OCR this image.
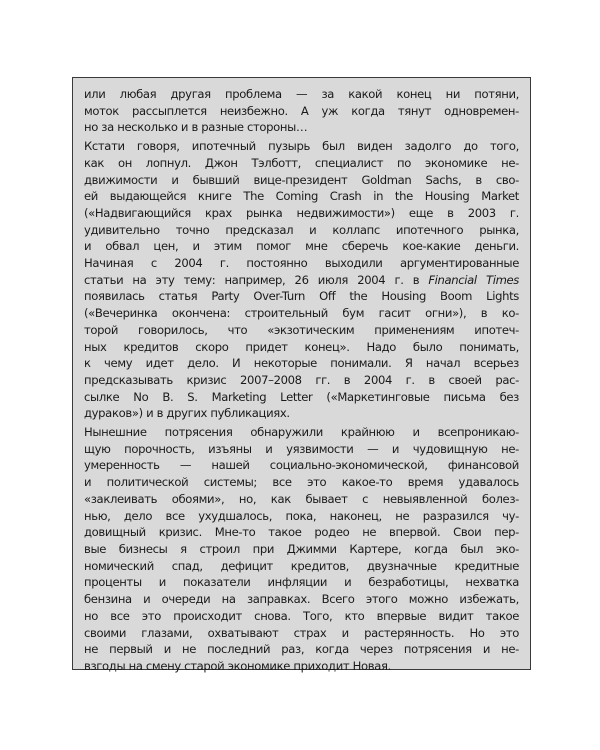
или любая другая проблема — за какой конец ни потяни,
моток рассыплется неизбежно. А уж когда тянут одновремен-
но за несколько и в разные стороны…
Кстати говоря, ипотечный пузырь был виден задолго до того,
как он лопнул. Джон Тэлботт, специалист по экономике не-
движимости и бывший вице-президент Goldman Sachs, в сво-
ей выдающейся книге The Coming Crash in the Housing Market
(«Надвигающийся крах рынка недвижимости») еще в 2003 г.
удивительно точно предсказал и коллапс ипотечного рынка,
и обвал цен, и этим помог мне сберечь кое-какие деньги.
Начиная с 2004 г. постоянно выходили аргументированные
статьи на эту тему: например, 26 июля 2004 г. в Financial Times
появилась статья Party Over-Turn Off the Housing Boom Lights
(«Вечеринка окончена: строительный бум гасит огни»), в ко-
торой говорилось, что «экзотическим применениям ипотеч-
ных кредитов скоро придет конец». Надо было понимать,
к чему идет дело. И некоторые понимали. Я начал всерьез
предсказывать кризис 2007–2008 гг. в 2004 г. в своей рас-
сылке No B. S. Marketing Letter («Маркетинговые письма без
дураков») и в других публикациях.
Нынешние потрясения обнаружили крайнюю и всепроникаю-
щую порочность, изъяны и уязвимости — и чудовищную не-
умеренность — нашей социально-экономической, финансовой
и политической системы; все это какое-то время удавалось
«заклеивать обоями», но, как бывает с невыявленной болез-
нью, дело все ухудшалось, пока, наконец, не разразился чу-
довищный кризис. Мне-то такое родео не впервой. Свои пер-
вые бизнесы я строил при Джимми Картере, когда был эко-
номический спад, дефицит кредитов, двузначные кредитные
проценты и показатели инфляции и безработицы, нехватка
бензина и очереди на заправках. Всего этого можно избежать,
но все это происходит снова. Того, кто впервые видит такое
своими глазами, охватывают страх и растерянность. Но это
не первый и не последний раз, когда через потрясения и не-
взгоды на смену старой экономике приходит Новая.
